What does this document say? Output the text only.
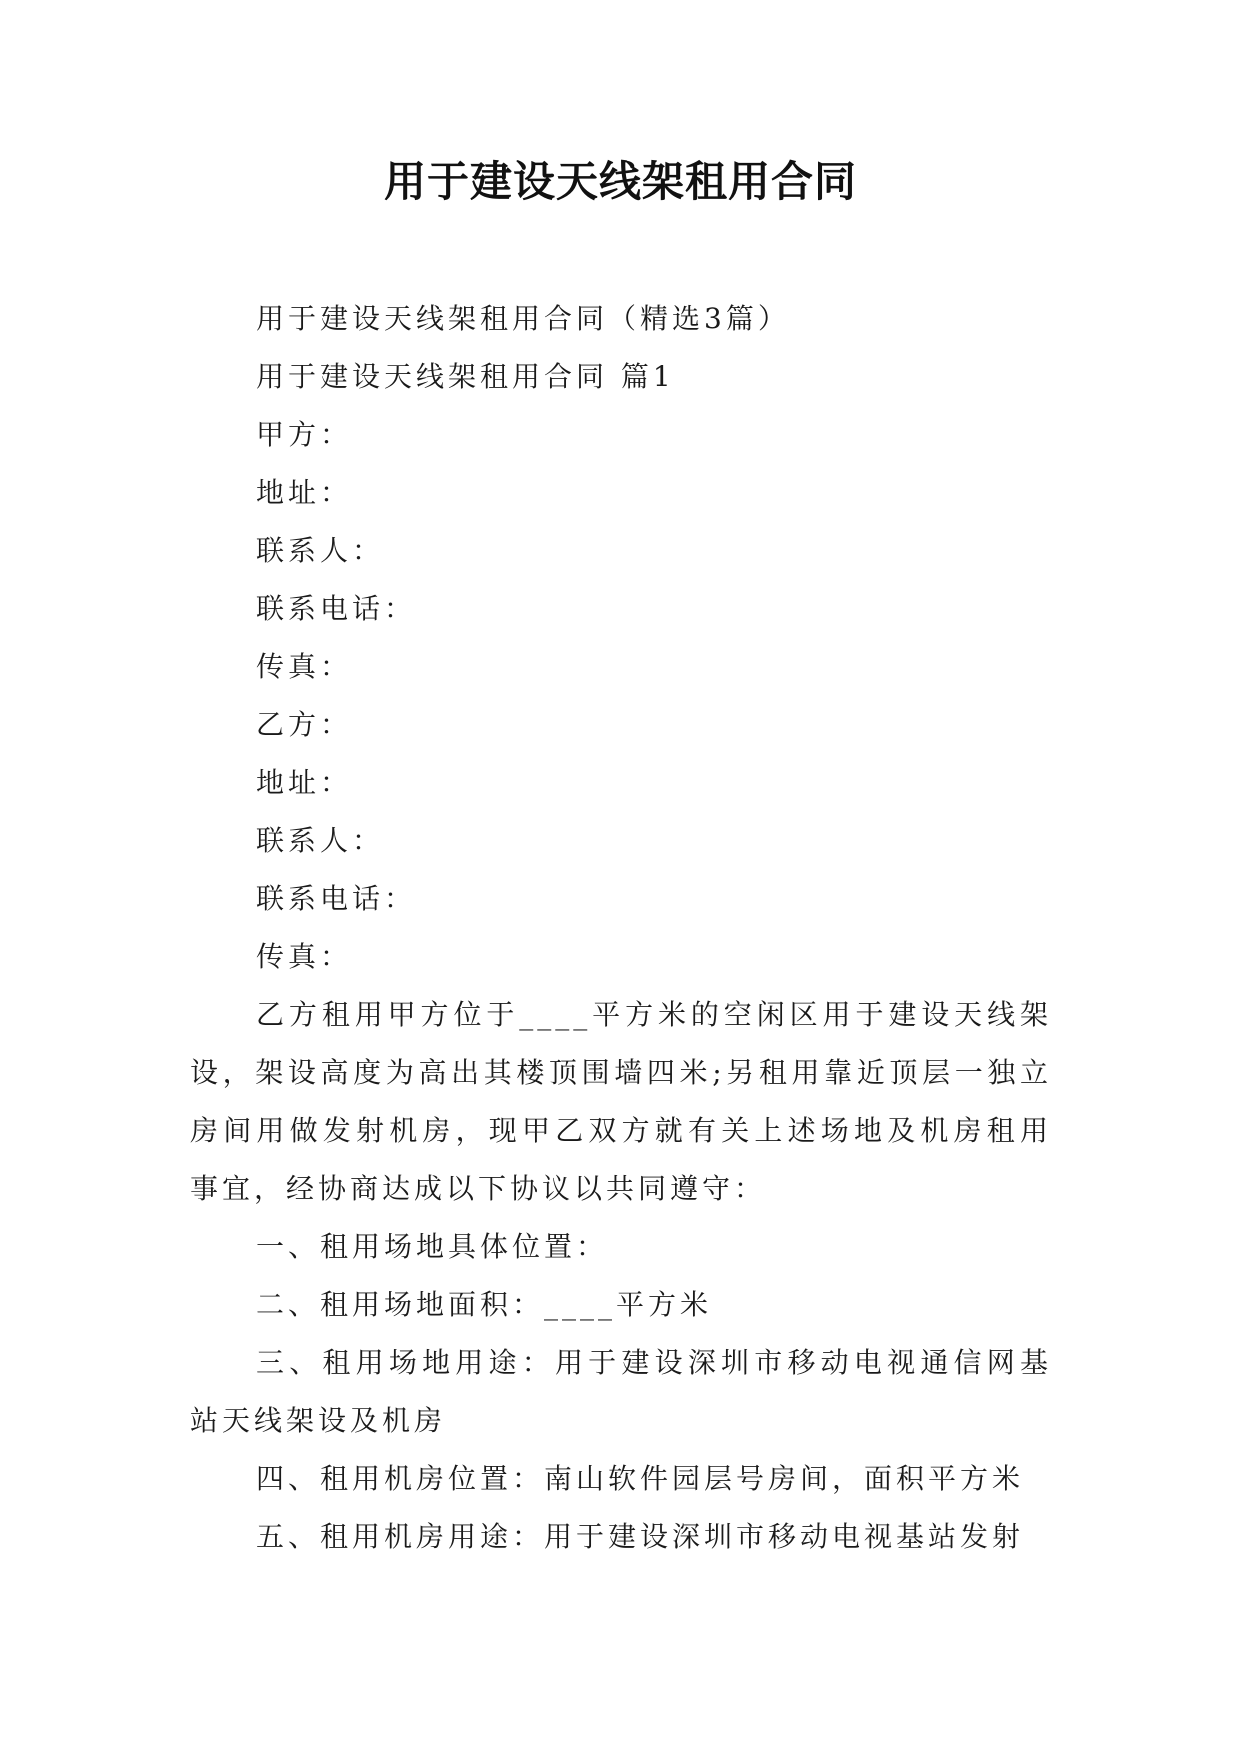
用于建设天线架租用合同

用于建设天线架租用合同（精选3篇）

用于建设天线架租用合同 篇1

甲方：

地址：

联系人：

联系电话：

传真：

乙方：

地址：

联系人：

联系电话：

传真：

乙方租用甲方位于____平方米的空闲区用于建设天线架设，架设高度为高出其楼顶围墙四米;另租用靠近顶层一独立房间用做发射机房，现甲乙双方就有关上述场地及机房租用事宜，经协商达成以下协议以共同遵守：

一、租用场地具体位置：

二、租用场地面积：____平方米

三、租用场地用途：用于建设深圳市移动电视通信网基站天线架设及机房

四、租用机房位置：南山软件园层号房间，面积平方米

五、租用机房用途：用于建设深圳市移动电视基站发射
